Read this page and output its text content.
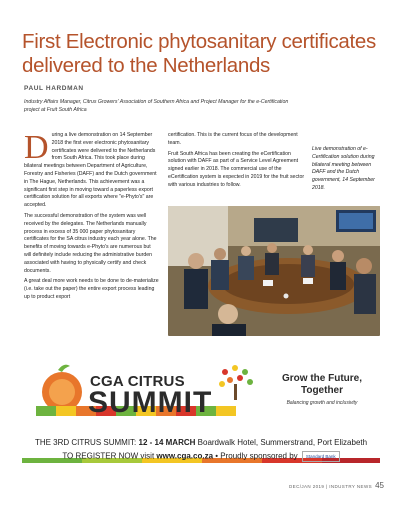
First Electronic phytosanitary certificates delivered to the Netherlands
PAUL HARDMAN
Industry Affairs Manager, Citrus Growers' Association of Southern Africa and Project Manager for the e-Certification project at Fruit South Africa

During a live demonstration on 14 September 2018 the first ever electronic phytosanitary certificates were delivered to the Netherlands from South Africa. This took place during bilateral meetings between Department of Agriculture, Forestry and Fisheries (DAFF) and the Dutch government in The Hague, Netherlands. This achievement was a significant first step in moving toward a paperless export certification solution for all exports where "e-Phyto's" are accepted.

The successful demonstration of the system was well received by the delegates. The Netherlands manually process in excess of 35 000 paper phytosanitary certificates for the SA citrus industry each year alone. The benefits of moving towards e-Phyto's are numerous but will definitely include reducing the administrative burden associated with having to physically certify and check documents.

A great deal more work needs to be done to de-materialize (i.e. take out the paper) the entire export process leading up to product export

certification. This is the current focus of the development team.

Fruit South Africa has been creating the eCertification solution with DAFF as part of a Service Level Agreement signed earlier in 2018. The commercial use of the eCertification system is expected in 2019 for the fruit sector with various industries to follow.

Live demonstration of e-Certification solution during bilateral meeting between DAFF and the Dutch government, 14 September 2018.
CGA CITRUS
SUMMIT
Grow the Future, Together
Balancing growth and inclusivity
THE 3RD CITRUS SUMMIT: 12 - 14 MARCH Boardwalk Hotel, Summerstrand, Port Elizabeth
TO REGISTER NOW visit www.cga.co.za • Proudly sponsored by Standard Bank
DEC/JAN 2019 | INDUSTRY NEWS 45
